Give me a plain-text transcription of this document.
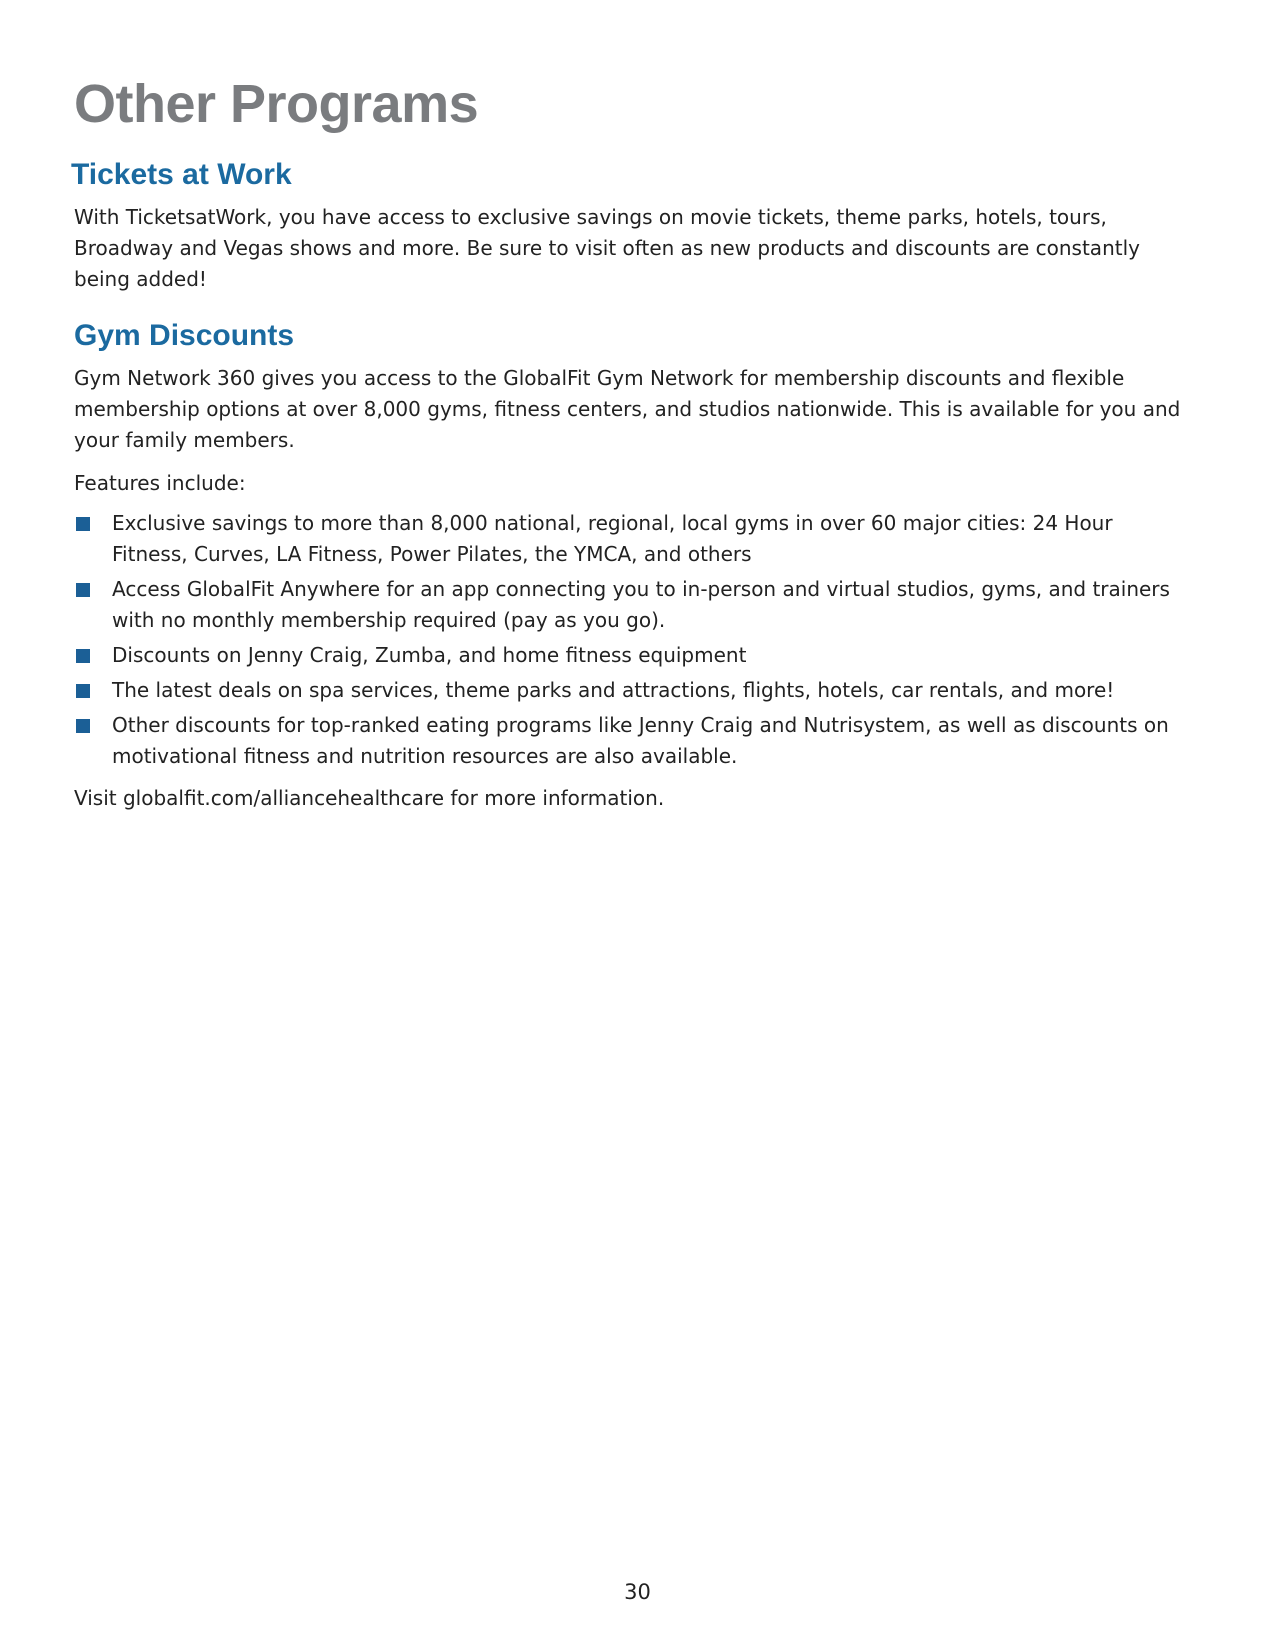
Other Programs
Tickets at Work

With TicketsatWork, you have access to exclusive savings on movie tickets, theme parks, hotels, tours, Broadway and Vegas shows and more. Be sure to visit often as new products and discounts are constantly being added!

Gym Discounts

Gym Network 360 gives you access to the GlobalFit Gym Network for membership discounts and flexible membership options at over 8,000 gyms, fitness centers, and studios nationwide. This is available for you and your family members.

Features include:

Exclusive savings to more than 8,000 national, regional, local gyms in over 60 major cities: 24 Hour Fitness, Curves, LA Fitness, Power Pilates, the YMCA, and others
Access GlobalFit Anywhere for an app connecting you to in-person and virtual studios, gyms, and trainers with no monthly membership required (pay as you go).
Discounts on Jenny Craig, Zumba, and home fitness equipment
The latest deals on spa services, theme parks and attractions, flights, hotels, car rentals, and more!
Other discounts for top-ranked eating programs like Jenny Craig and Nutrisystem, as well as discounts on motivational fitness and nutrition resources are also available.

Visit globalfit.com/alliancehealthcare for more information.

30
